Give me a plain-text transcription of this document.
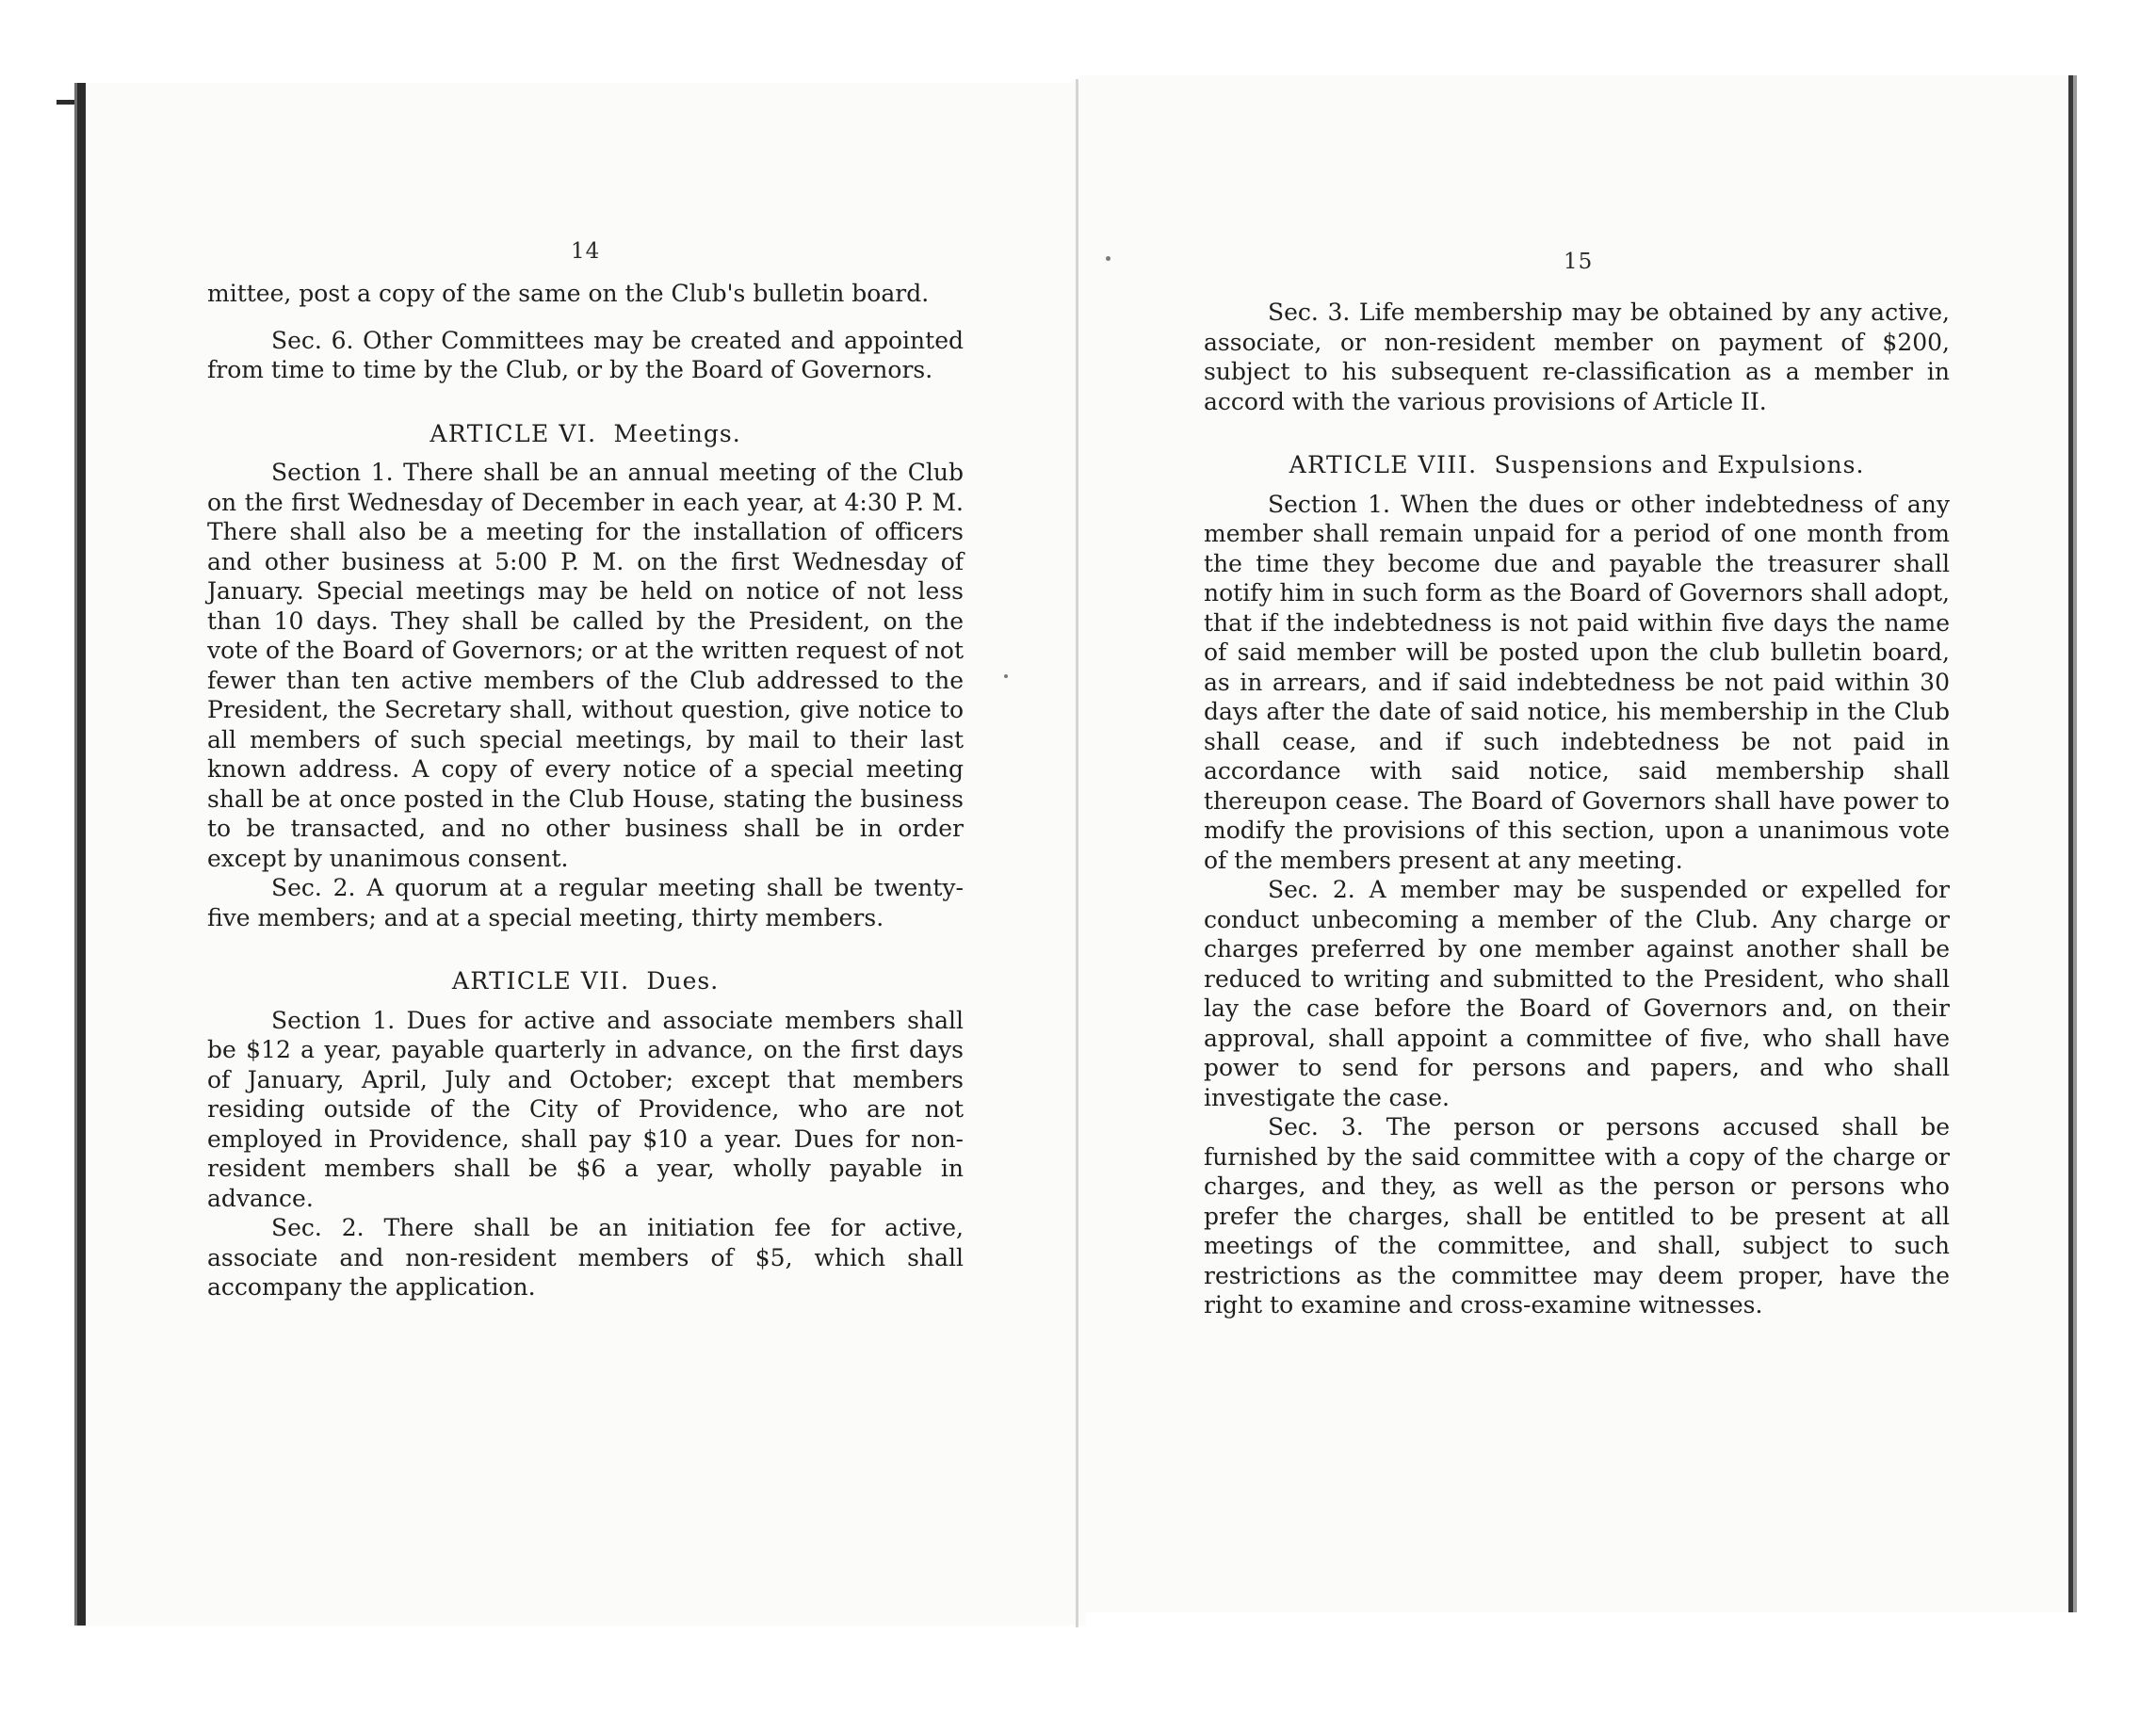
14

mittee, post a copy of the same on the Club's bulletin board.

Sec. 6. Other Committees may be created and appointed from time to time by the Club, or by the Board of Governors.

ARTICLE VI. Meetings.

Section 1. There shall be an annual meeting of the Club on the first Wednesday of December in each year, at 4:30 P. M. There shall also be a meeting for the installation of officers and other business at 5:00 P. M. on the first Wednesday of January. Special meetings may be held on notice of not less than 10 days. They shall be called by the President, on the vote of the Board of Governors; or at the written request of not fewer than ten active members of the Club addressed to the President, the Secretary shall, without question, give notice to all members of such special meetings, by mail to their last known address. A copy of every notice of a special meeting shall be at once posted in the Club House, stating the business to be transacted, and no other business shall be in order except by unanimous consent.

Sec. 2. A quorum at a regular meeting shall be twenty-five members; and at a special meeting, thirty members.

ARTICLE VII. Dues.

Section 1. Dues for active and associate members shall be $12 a year, payable quarterly in advance, on the first days of January, April, July and October; except that members residing outside of the City of Providence, who are not employed in Providence, shall pay $10 a year. Dues for non-resident members shall be $6 a year, wholly payable in advance.

Sec. 2. There shall be an initiation fee for active, associate and non-resident members of $5, which shall accompany the application.

15

Sec. 3. Life membership may be obtained by any active, associate, or non-resident member on payment of $200, subject to his subsequent re-classification as a member in accord with the various provisions of Article II.

ARTICLE VIII. Suspensions and Expulsions.

Section 1. When the dues or other indebtedness of any member shall remain unpaid for a period of one month from the time they become due and payable the treasurer shall notify him in such form as the Board of Governors shall adopt, that if the indebtedness is not paid within five days the name of said member will be posted upon the club bulletin board, as in arrears, and if said indebtedness be not paid within 30 days after the date of said notice, his membership in the Club shall cease, and if such indebtedness be not paid in accordance with said notice, said membership shall thereupon cease. The Board of Governors shall have power to modify the provisions of this section, upon a unanimous vote of the members present at any meeting.

Sec. 2. A member may be suspended or expelled for conduct unbecoming a member of the Club. Any charge or charges preferred by one member against another shall be reduced to writing and submitted to the President, who shall lay the case before the Board of Governors and, on their approval, shall appoint a committee of five, who shall have power to send for persons and papers, and who shall investigate the case.

Sec. 3. The person or persons accused shall be furnished by the said committee with a copy of the charge or charges, and they, as well as the person or persons who prefer the charges, shall be entitled to be present at all meetings of the committee, and shall, subject to such restrictions as the committee may deem proper, have the right to examine and cross-examine witnesses.
